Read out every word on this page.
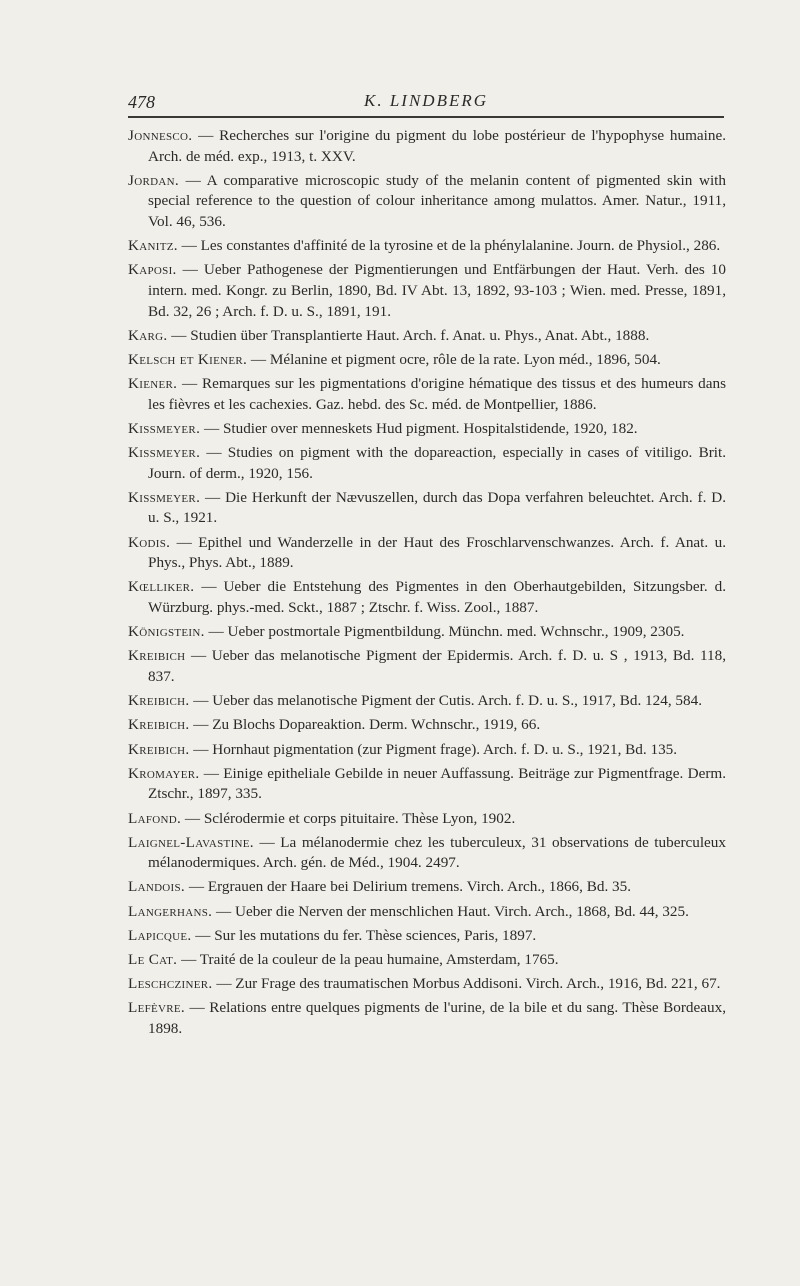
478	K. LINDBERG

Jonnesco. — Recherches sur l'origine du pigment du lobe postérieur de l'hypophyse humaine. Arch. de méd. exp., 1913, t. XXV.

Jordan. — A comparative microscopic study of the melanin content of pigmented skin with special reference to the question of colour inheritance among mulattos. Amer. Natur., 1911, Vol. 46, 536.

Kanitz. — Les constantes d'affinité de la tyrosine et de la phénylalanine. Journ. de Physiol., 286.

Kaposi. — Ueber Pathogenese der Pigmentierungen und Entfärbungen der Haut. Verh. des 10 intern. med. Kongr. zu Berlin, 1890, Bd. IV Abt. 13, 1892, 93-103 ; Wien. med. Presse, 1891, Bd. 32, 26 ; Arch. f. D. u. S., 1891, 191.

Karg. — Studien über Transplantierte Haut. Arch. f. Anat. u. Phys., Anat. Abt., 1888.

Kelsch et Kiener. — Mélanine et pigment ocre, rôle de la rate. Lyon méd., 1896, 504.

Kiener. — Remarques sur les pigmentations d'origine hématique des tissus et des humeurs dans les fièvres et les cachexies. Gaz. hebd. des Sc. méd. de Montpellier, 1886.

Kissmeyer. — Studier over menneskets Hud pigment. Hospitalstidende, 1920, 182.

Kissmeyer. — Studies on pigment with the dopareaction, especially in cases of vitiligo. Brit. Journ. of derm., 1920, 156.

Kissmeyer. — Die Herkunft der Nævuszellen, durch das Dopa verfahren beleuchtet. Arch. f. D. u. S., 1921.

Kodis. — Epithel und Wanderzelle in der Haut des Froschlarvenschwanzes. Arch. f. Anat. u. Phys., Phys. Abt., 1889.

Kœlliker. — Ueber die Entstehung des Pigmentes in den Oberhautgebilden, Sitzungsber. d. Würzburg. phys.-med. Sckt., 1887 ; Ztschr. f. Wiss. Zool., 1887.

Königstein. — Ueber postmortale Pigmentbildung. Münchn. med. Wchnschr., 1909, 2305.

Kreibich — Ueber das melanotische Pigment der Epidermis. Arch. f. D. u. S , 1913, Bd. 118, 837.

Kreibich. — Ueber das melanotische Pigment der Cutis. Arch. f. D. u. S., 1917, Bd. 124, 584.

Kreibich. — Zu Blochs Dopareaktion. Derm. Wchnschr., 1919, 66.

Kreibich. — Hornhaut pigmentation (zur Pigment frage). Arch. f. D. u. S., 1921, Bd. 135.

Kromayer. — Einige epitheliale Gebilde in neuer Auffassung. Beiträge zur Pigmentfrage. Derm. Ztschr., 1897, 335.

Lafond. — Sclérodermie et corps pituitaire. Thèse Lyon, 1902.

Laignel-Lavastine. — La mélanodermie chez les tuberculeux, 31 observations de tuberculeux mélanodermiques. Arch. gén. de Méd., 1904. 2497.

Landois. — Ergrauen der Haare bei Delirium tremens. Virch. Arch., 1866, Bd. 35.

Langerhans. — Ueber die Nerven der menschlichen Haut. Virch. Arch., 1868, Bd. 44, 325.

Lapicque. — Sur les mutations du fer. Thèse sciences, Paris, 1897.

Le Cat. — Traité de la couleur de la peau humaine, Amsterdam, 1765.

Leschcziner. — Zur Frage des traumatischen Morbus Addisoni. Virch. Arch., 1916, Bd. 221, 67.

Lefèvre. — Relations entre quelques pigments de l'urine, de la bile et du sang. Thèse Bordeaux, 1898.
